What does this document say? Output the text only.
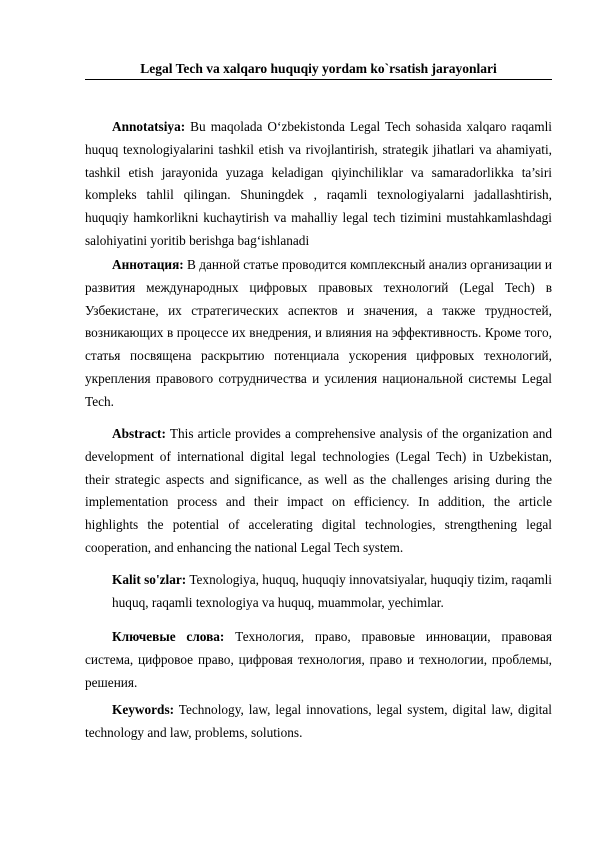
Legal Tech va xalqaro huquqiy yordam ko`rsatish jarayonlari

Annotatsiya: Bu maqolada O‘zbekistonda Legal Tech sohasida xalqaro raqamli huquq texnologiyalarini tashkil etish va rivojlantirish, strategik jihatlari va ahamiyati, tashkil etish jarayonida yuzaga keladigan qiyinchiliklar va samaradorlikka ta’siri kompleks tahlil qilingan. Shuningdek , raqamli texnologiyalarni jadallashtirish, huquqiy hamkorlikni kuchaytirish va mahalliy legal tech tizimini mustahkamlashdagi salohiyatini yoritib berishga bag‘ishlanadi

Аннотация: В данной статье проводится комплексный анализ организации и развития международных цифровых правовых технологий (Legal Tech) в Узбекистане, их стратегических аспектов и значения, а также трудностей, возникающих в процессе их внедрения, и влияния на эффективность. Кроме того, статья посвящена раскрытию потенциала ускорения цифровых технологий, укрепления правового сотрудничества и усиления национальной системы Legal Tech.

Abstract: This article provides a comprehensive analysis of the organization and development of international digital legal technologies (Legal Tech) in Uzbekistan, their strategic aspects and significance, as well as the challenges arising during the implementation process and their impact on efficiency. In addition, the article highlights the potential of accelerating digital technologies, strengthening legal cooperation, and enhancing the national Legal Tech system.

Kalit so'zlar: Texnologiya, huquq, huquqiy innovatsiyalar, huquqiy tizim, raqamli huquq, raqamli texnologiya va huquq, muammolar, yechimlar.

Ключевые слова: Технология, право, правовые инновации, правовая система, цифровое право, цифровая технология, право и технологии, проблемы, решения.

Keywords: Technology, law, legal innovations, legal system, digital law, digital technology and law, problems, solutions.
